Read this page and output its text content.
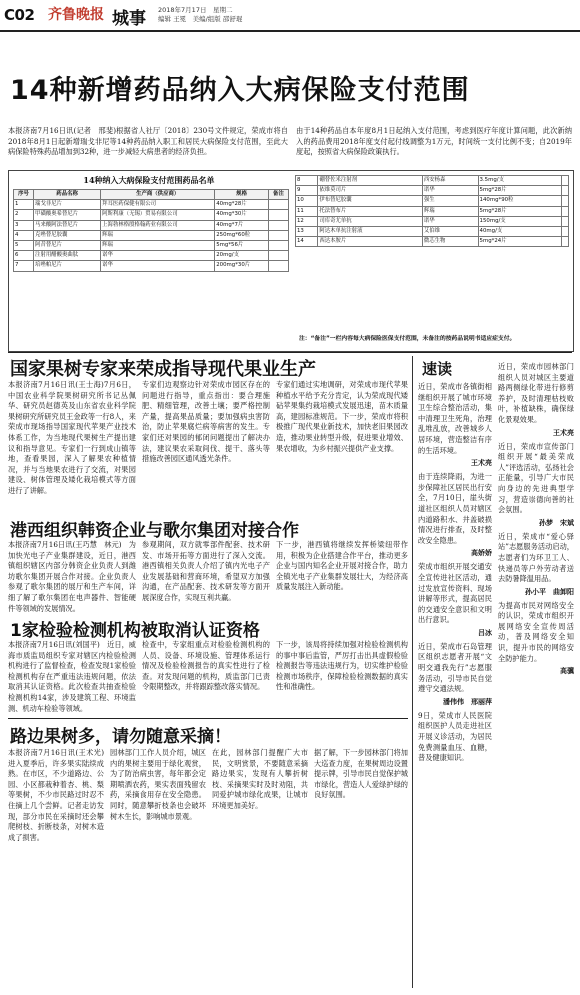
C02 齐鲁晚报 城事 2018年7月17日　星期二
编辑 王冕　美编/组版 邵舒琨
14种新增药品纳入大病保险支付范围
本报济南7月16日讯(记者　邢斐)根据省人社厅〔2018〕230号文件规定，荣成市将自2018年8月1日起新增瑞戈非尼等14种药品纳入职工和居民大病保险支付范围，至此大病保险特殊药品增加到32种，进一步减轻大病患者的经济负担。
由于14种药品自本年度8月1日起纳入支付范围，考虑到医疗年度计算问题，此次新纳入的药品费用2018年度支付起付线调整为1万元，时间统一支付比例不变；自2019年度起，按照省大病保险政策执行。
14种纳入大病保险支付范围药品名单
序号	药品名称	生产商（供应商）	规格	备注
1	瑞戈非尼片	拜耳医药保健有限公司	40mg*28片	
2	甲磺酸奥希替尼片	阿斯利康（无锡）贸易有限公司	40mg*30片	
3	马来酸阿法替尼片	上海勃林格殷格翰药业有限公司	40mg*7片	
4	克唑替尼胶囊	辉瑞	250mg*60粒	
5	阿昔替尼片	辉瑞	5mg*56片	
6	注射用醋酸奥曲肽	诺华	20mg/支	
7	培唑帕尼片	诺华	200mg*30片	
8	硼替佐米注射剂	西安杨森	3.5mg/支	
9	依维莫司片	诺华	5mg*28片	
10	伊布替尼胶囊	强生	140mg*90粒	
11	托法替布片	辉瑞	5mg*28片	
12	司库奇尤单抗	诺华	150mg/支	
13	阿达木单抗注射液	艾伯维	40mg/支	
14	西达本胺片	微芯生物	5mg*24片	
注：“备注”一栏内容每大病保险医保支付范围，未备注的按药品说明书适应症支付。
国家果树专家来荣成指导现代果业生产
本报济南7月16日讯(王士海)7月6日，中国农业科学院果树研究所书记丛佩华、研究员赵德英及山东省农业科学院果树研究所研究员王金政等一行8人，来荣成市现场指导国家现代苹果产业技术体系工作，为当地现代果树生产提出建议和指导意见。专家们一行到成山镇等地，查看果园，深入了解果农种植情况，并与当地果农进行了交流，对果园建设、树体管理及矮化栽培模式等方面进行了讲解。
专家们边观察边针对荣成市园区存在的问题进行指导，重点指出：要合理施肥、精细管理，改善土壤；要严格控制产量，提高果品质量；要加强病虫害防治，防止苹果腐烂病等病害的发生。专家们还对果园的郁闭问题提出了解决办法，建议果农采取间伐、提干、落头等措施改善园区通风透光条件。
专家们通过实地调研，对荣成市现代苹果种植水平给予充分肯定，认为荣成现代矮砧苹果集约栽培模式发展迅速，苗木质量高，建园标准规范。下一步，荣成市将积极推广现代果业新技术，加快老旧果园改造，推动果业转型升级，促进果业增效、果农增收，为乡村振兴提供产业支撑。
港西组织韩资企业与歌尔集团对接合作
本报济南7月16日讯(王巧慧　林元)　为加快光电子产业集群建设，近日，港西镇组织辖区内部分韩资企业负责人到潍坊歌尔集团开展合作对接。企业负责人参观了歌尔集团的展厅和生产车间，详细了解了歌尔集团在电声器件、智能硬件等领域的发展情况。
参观期间，双方就零部件配套、技术研发、市场开拓等方面进行了深入交流。港西镇相关负责人介绍了镇内光电子产业发展基础和营商环境，希望双方加强沟通，在产品配套、技术研发等方面开展深度合作，实现互利共赢。
下一步，港西镇将继续发挥桥梁纽带作用，积极为企业搭建合作平台，推动更多企业与国内知名企业开展对接合作，助力全镇光电子产业集群发展壮大，为经济高质量发展注入新动能。
1家检验检测机构被取消认证资格
本报济南7月16日讯(刘国平)　近日，威海市质监局组织专家对辖区内检验检测机构进行了监督检查，检查发现1家检验检测机构存在严重违法违规问题，依法取消其认证资格。此次检查共抽查检验检测机构14家，涉及建筑工程、环境监测、机动车检验等领域。
检查中，专家组重点对检验检测机构的人员、设备、环境设施、管理体系运行情况及检验检测报告的真实性进行了检查。对发现问题的机构，质监部门已责令限期整改，并将跟踪整改落实情况。
下一步，该局将持续加强对检验检测机构的事中事后监管，严厉打击出具虚假检验检测报告等违法违规行为，切实维护检验检测市场秩序，保障检验检测数据的真实性和准确性。
路边果树多，请勿随意采摘！
本报济南7月16日讯(王术光)　进入夏季后，许多果实陆续成熟。在市区，不少道路边、公园、小区都栽种着杏、桃、梨等果树，不少市民路过时忍不住摘上几个尝鲜。记者走访发现，部分市民在采摘时还会攀爬树枝、折断枝条，对树木造成了损害。
园林部门工作人员介绍，城区内的果树主要用于绿化观赏，为了防治病虫害，每年都会定期喷洒农药，果实表面残留农药，采摘食用存在安全隐患。同时，随意攀折枝条也会破坏树木生长，影响城市景观。
在此，园林部门提醒广大市民，文明赏景，不要随意采摘路边果实，发现有人攀折树枝、采摘果实时及时劝阻，共同爱护城市绿化成果，让城市环境更加美好。
据了解，下一步园林部门将加大巡查力度，在果树周边设置提示牌，引导市民自觉保护城市绿化，营造人人爱绿护绿的良好氛围。
速读
近日，荣成市各镇街相继组织开展了城市环境卫生综合整治活动，集中清理卫生死角，治理乱堆乱放，改善城乡人居环境，营造整洁有序的生活环境。
王术亮
由于连续降雨，为进一步保障社区居民出行安全，7月10日，崖头街道社区组织人员对辖区内道路积水、井盖破损情况进行排查，及时整改安全隐患。
高娇娇
荣成市组织开展交通安全宣传进社区活动，通过发放宣传资料、现场讲解等形式，提高居民的交通安全意识和文明出行意识。
吕冰
近日，荣成市石岛管理区组织志愿者开展“文明交通我先行”志愿服务活动，引导市民自觉遵守交通法规。
潘伟伟　邢丽萍
9日，荣成市人民医院组织医护人员走进社区开展义诊活动，为居民免费测量血压、血糖，普及健康知识。
近日，荣成市园林部门组织人员对城区主要道路两侧绿化带进行修剪养护，及时清理枯枝败叶，补植缺株，确保绿化景观效果。
王术亮
近日，荣成市宣传部门组织开展“最美荣成人”评选活动，弘扬社会正能量，引导广大市民向身边的先进典型学习，营造崇德向善的社会氛围。
孙梦　宋斌
近日，荣成市“爱心驿站”志愿服务活动启动，志愿者们为环卫工人、快递员等户外劳动者送去防暑降温用品。
孙小平　曲卸阳
为提高市民对网络安全的认识，荣成市组织开展网络安全宣传周活动，普及网络安全知识，提升市民的网络安全防护能力。
高骥
